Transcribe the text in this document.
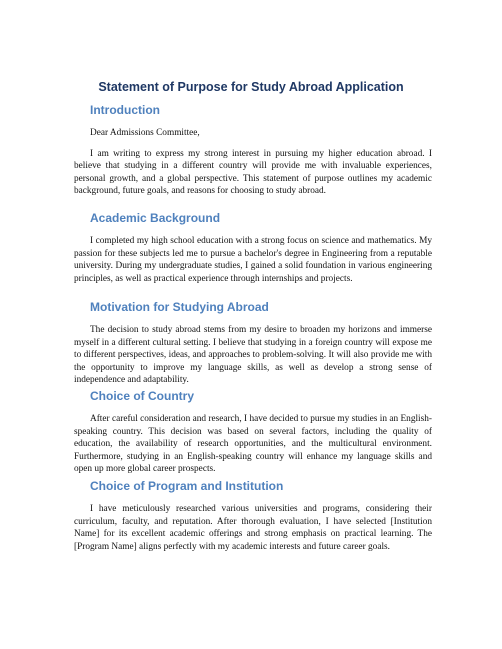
Statement of Purpose for Study Abroad Application
Introduction

Dear Admissions Committee,

I am writing to express my strong interest in pursuing my higher education abroad. I believe that studying in a different country will provide me with invaluable experiences, personal growth, and a global perspective. This statement of purpose outlines my academic background, future goals, and reasons for choosing to study abroad.

Academic Background

I completed my high school education with a strong focus on science and mathematics. My passion for these subjects led me to pursue a bachelor's degree in Engineering from a reputable university. During my undergraduate studies, I gained a solid foundation in various engineering principles, as well as practical experience through internships and projects.

Motivation for Studying Abroad

The decision to study abroad stems from my desire to broaden my horizons and immerse myself in a different cultural setting. I believe that studying in a foreign country will expose me to different perspectives, ideas, and approaches to problem-solving. It will also provide me with the opportunity to improve my language skills, as well as develop a strong sense of independence and adaptability.

Choice of Country

After careful consideration and research, I have decided to pursue my studies in an English-speaking country. This decision was based on several factors, including the quality of education, the availability of research opportunities, and the multicultural environment. Furthermore, studying in an English-speaking country will enhance my language skills and open up more global career prospects.

Choice of Program and Institution

I have meticulously researched various universities and programs, considering their curriculum, faculty, and reputation. After thorough evaluation, I have selected [Institution Name] for its excellent academic offerings and strong emphasis on practical learning. The [Program Name] aligns perfectly with my academic interests and future career goals.
